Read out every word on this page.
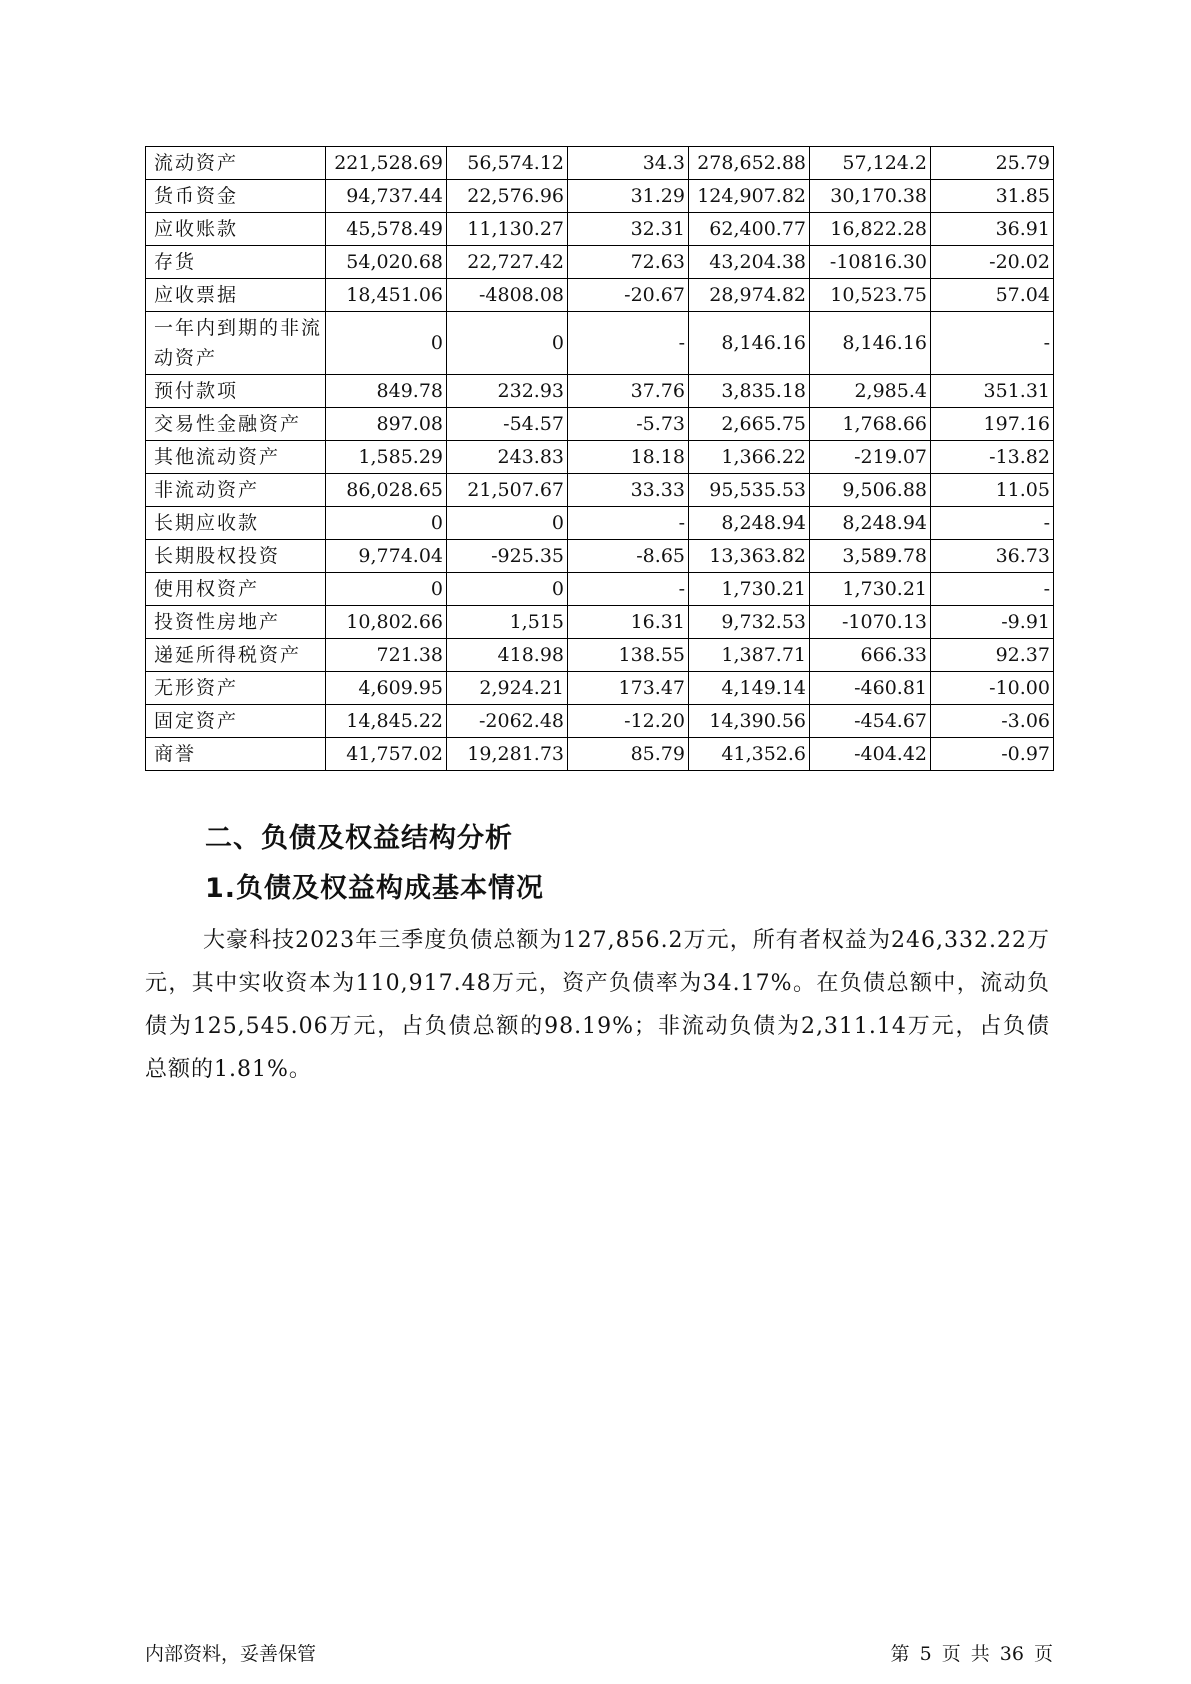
流动资产	221,528.69	56,574.12	34.3	278,652.88	57,124.2	25.79
货币资金	94,737.44	22,576.96	31.29	124,907.82	30,170.38	31.85
应收账款	45,578.49	11,130.27	32.31	62,400.77	16,822.28	36.91
存货	54,020.68	22,727.42	72.63	43,204.38	-10816.30	-20.02
应收票据	18,451.06	-4808.08	-20.67	28,974.82	10,523.75	57.04
一年内到期的非流动资产	0	0	-	8,146.16	8,146.16	-
预付款项	849.78	232.93	37.76	3,835.18	2,985.4	351.31
交易性金融资产	897.08	-54.57	-5.73	2,665.75	1,768.66	197.16
其他流动资产	1,585.29	243.83	18.18	1,366.22	-219.07	-13.82
非流动资产	86,028.65	21,507.67	33.33	95,535.53	9,506.88	11.05
长期应收款	0	0	-	8,248.94	8,248.94	-
长期股权投资	9,774.04	-925.35	-8.65	13,363.82	3,589.78	36.73
使用权资产	0	0	-	1,730.21	1,730.21	-
投资性房地产	10,802.66	1,515	16.31	9,732.53	-1070.13	-9.91
递延所得税资产	721.38	418.98	138.55	1,387.71	666.33	92.37
无形资产	4,609.95	2,924.21	173.47	4,149.14	-460.81	-10.00
固定资产	14,845.22	-2062.48	-12.20	14,390.56	-454.67	-3.06
商誉	41,757.02	19,281.73	85.79	41,352.6	-404.42	-0.97
二、负债及权益结构分析
1.负债及权益构成基本情况
大豪科技2023年三季度负债总额为127,856.2万元，所有者权益为246,332.22万元，其中实收资本为110,917.48万元，资产负债率为34.17%。在负债总额中，流动负债为125,545.06万元，占负债总额的98.19%；非流动负债为2,311.14万元，占负债总额的1.81%。
内部资料，妥善保管	第 5 页 共 36 页
